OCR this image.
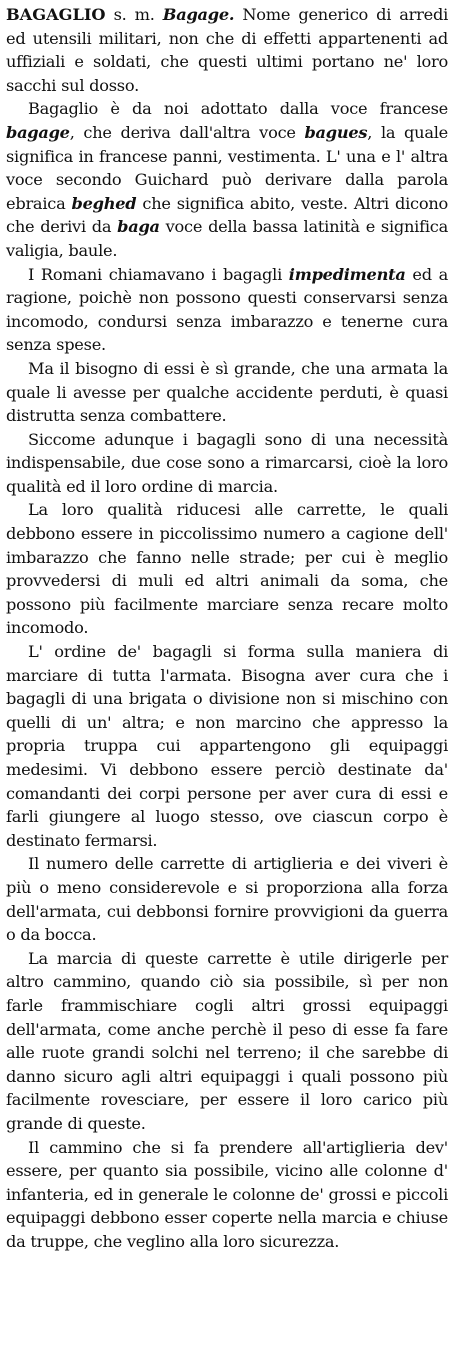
BAGAGLIO s. m. Bagage. Nome generico di arredi ed utensili militari, non che di effetti appartenenti ad uffiziali e soldati, che questi ultimi portano ne' loro sacchi sul dosso.

Bagaglio è da noi adottato dalla voce francese bagage, che deriva dall'altra voce bagues, la quale significa in francese panni, vestimenta. L' una e l' altra voce secondo Guichard può derivare dalla parola ebraica beghed che significa abito, veste. Altri dicono che derivi da baga voce della bassa latinità e significa valigia, baule.

I Romani chiamavano i bagagli impedimenta ed a ragione, poichè non possono questi conservarsi senza incomodo, condursi senza imbarazzo e tenerne cura senza spese.

Ma il bisogno di essi è sì grande, che una armata la quale li avesse per qualche accidente perduti, è quasi distrutta senza combattere.

Siccome adunque i bagagli sono di una necessità indispensabile, due cose sono a rimarcarsi, cioè la loro qualità ed il loro ordine di marcia.

La loro qualità riducesi alle carrette, le quali debbono essere in piccolissimo numero a cagione dell' imbarazzo che fanno nelle strade; per cui è meglio provvedersi di muli ed altri animali da soma, che possono più facilmente marciare senza recare molto incomodo.

L' ordine de' bagagli si forma sulla maniera di marciare di tutta l'armata. Bisogna aver cura che i bagagli di una brigata o divisione non si mischino con quelli di un' altra; e non marcino che appresso la propria truppa cui appartengono gli equipaggi medesimi. Vi debbono essere perciò destinate da' comandanti dei corpi persone per aver cura di essi e farli giungere al luogo stesso, ove ciascun corpo è destinato fermarsi.

Il numero delle carrette di artiglieria e dei viveri è più o meno considerevole e si proporziona alla forza dell'armata, cui debbonsi fornire provvigioni da guerra o da bocca.

La marcia di queste carrette è utile dirigerle per altro cammino, quando ciò sia possibile, sì per non farle frammischiare cogli altri grossi equipaggi dell'armata, come anche perchè il peso di esse fa fare alle ruote grandi solchi nel terreno; il che sarebbe di danno sicuro agli altri equipaggi i quali possono più facilmente rovesciare, per essere il loro carico più grande di queste.

Il cammino che si fa prendere all'artiglieria dev' essere, per quanto sia possibile, vicino alle colonne d' infanteria, ed in generale le colonne de' grossi e piccoli equipaggi debbono esser coperte nella marcia e chiuse da truppe, che veglino alla loro sicurezza.
